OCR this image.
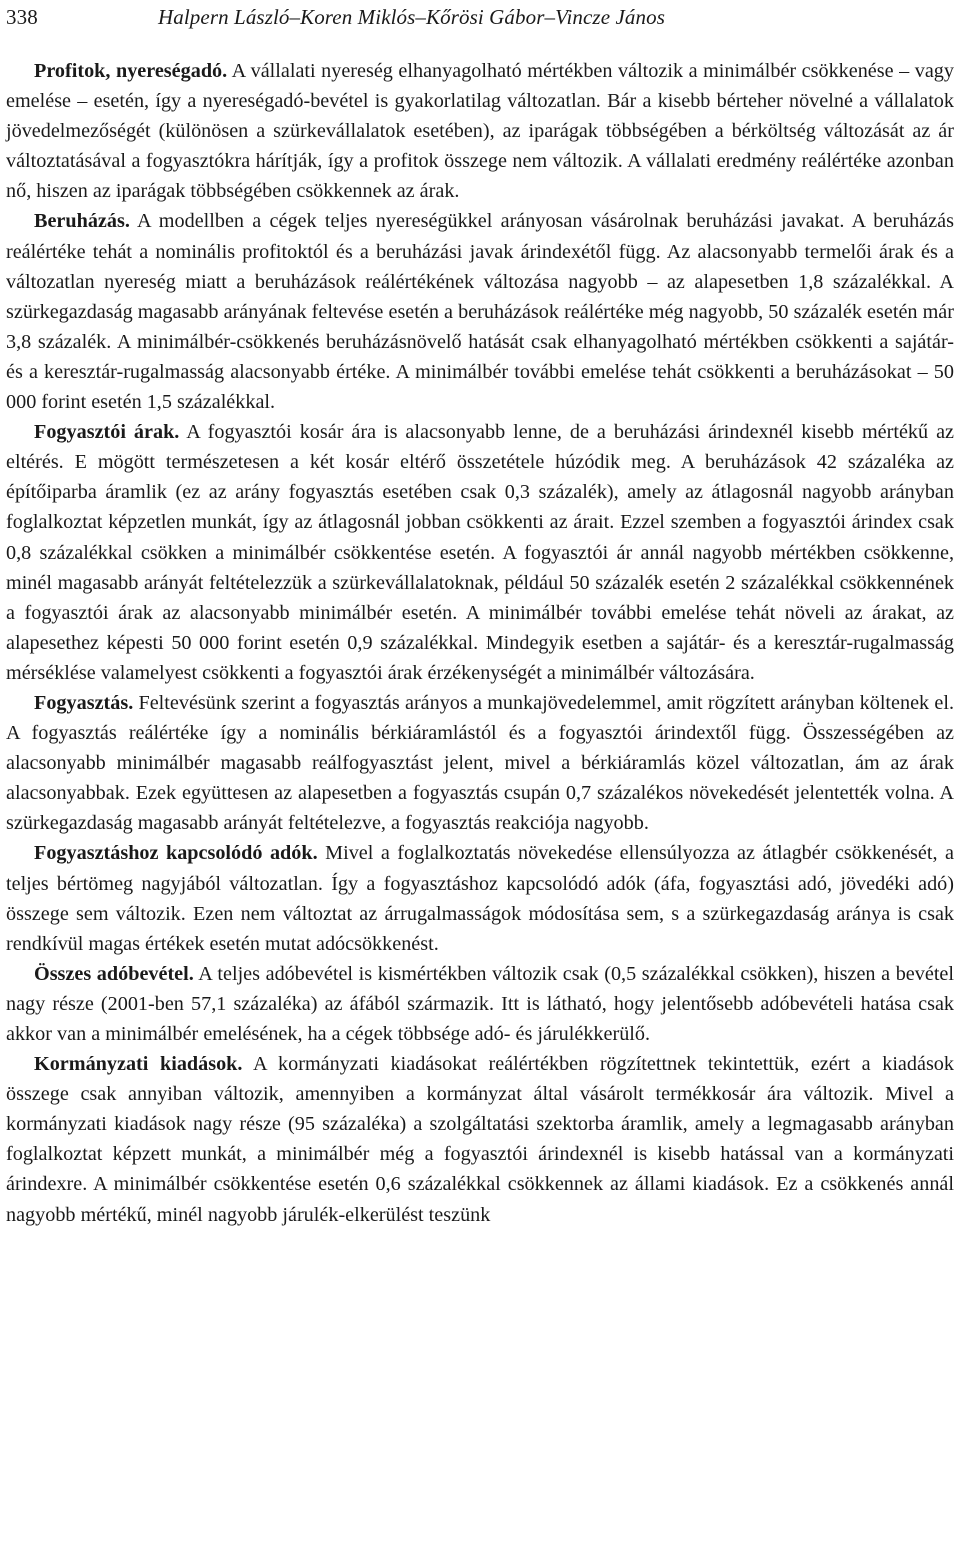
338	Halpern László–Koren Miklós–Kőrösi Gábor–Vincze János

Profitok, nyereségadó. A vállalati nyereség elhanyagolható mértékben változik a minimálbér csökkenése – vagy emelése – esetén, így a nyereségadó-bevétel is gyakorlatilag változatlan. Bár a kisebb bérteher növelné a vállalatok jövedelmezőségét (különösen a szürkevállalatok esetében), az iparágak többségében a bérköltség változását az ár változtatásával a fogyasztókra hárítják, így a profitok összege nem változik. A vállalati eredmény reálértéke azonban nő, hiszen az iparágak többségében csökkennek az árak.

Beruházás. A modellben a cégek teljes nyereségükkel arányosan vásárolnak beruházási javakat. A beruházás reálértéke tehát a nominális profitoktól és a beruházási javak árindexétől függ. Az alacsonyabb termelői árak és a változatlan nyereség miatt a beruházások reálértékének változása nagyobb – az alapesetben 1,8 százalékkal. A szürkegazdaság magasabb arányának feltevése esetén a beruházások reálértéke még nagyobb, 50 százalék esetén már 3,8 százalék. A minimálbér-csökkenés beruházásnövelő hatását csak elhanyagolható mértékben csökkenti a sajátár- és a keresztár-rugalmasság alacsonyabb értéke. A minimálbér további emelése tehát csökkenti a beruházásokat – 50 000 forint esetén 1,5 százalékkal.

Fogyasztói árak. A fogyasztói kosár ára is alacsonyabb lenne, de a beruházási árindexnél kisebb mértékű az eltérés. E mögött természetesen a két kosár eltérő összetétele húzódik meg. A beruházások 42 százaléka az építőiparba áramlik (ez az arány fogyasztás esetében csak 0,3 százalék), amely az átlagosnál nagyobb arányban foglalkoztat képzetlen munkát, így az átlagosnál jobban csökkenti az árait. Ezzel szemben a fogyasztói árindex csak 0,8 százalékkal csökken a minimálbér csökkentése esetén. A fogyasztói ár annál nagyobb mértékben csökkenne, minél magasabb arányát feltételezzük a szürkevállalatoknak, például 50 százalék esetén 2 százalékkal csökkennének a fogyasztói árak az alacsonyabb minimálbér esetén. A minimálbér további emelése tehát növeli az árakat, az alapesethez képesti 50 000 forint esetén 0,9 százalékkal. Mindegyik esetben a sajátár- és a keresztár-rugalmasság mérséklése valamelyest csökkenti a fogyasztói árak érzékenységét a minimálbér változására.

Fogyasztás. Feltevésünk szerint a fogyasztás arányos a munkajövedelemmel, amit rögzített arányban költenek el. A fogyasztás reálértéke így a nominális bérkiáramlástól és a fogyasztói árindextől függ. Összességében az alacsonyabb minimálbér magasabb reálfogyasztást jelent, mivel a bérkiáramlás közel változatlan, ám az árak alacsonyabbak. Ezek együttesen az alapesetben a fogyasztás csupán 0,7 százalékos növekedését jelentették volna. A szürkegazdaság magasabb arányát feltételezve, a fogyasztás reakciója nagyobb.

Fogyasztáshoz kapcsolódó adók. Mivel a foglalkoztatás növekedése ellensúlyozza az átlagbér csökkenését, a teljes bértömeg nagyjából változatlan. Így a fogyasztáshoz kapcsolódó adók (áfa, fogyasztási adó, jövedéki adó) összege sem változik. Ezen nem változtat az árrugalmasságok módosítása sem, s a szürkegazdaság aránya is csak rendkívül magas értékek esetén mutat adócsökkenést.

Összes adóbevétel. A teljes adóbevétel is kismértékben változik csak (0,5 százalékkal csökken), hiszen a bevétel nagy része (2001-ben 57,1 százaléka) az áfából származik. Itt is látható, hogy jelentősebb adóbevételi hatása csak akkor van a minimálbér emelésének, ha a cégek többsége adó- és járulékkerülő.

Kormányzati kiadások. A kormányzati kiadásokat reálértékben rögzítettnek tekintettük, ezért a kiadások összege csak annyiban változik, amennyiben a kormányzat által vásárolt termékkosár ára változik. Mivel a kormányzati kiadások nagy része (95 százaléka) a szolgáltatási szektorba áramlik, amely a legmagasabb arányban foglalkoztat képzett munkát, a minimálbér még a fogyasztói árindexnél is kisebb hatással van a kormányzati árindexre. A minimálbér csökkentése esetén 0,6 százalékkal csökkennek az állami kiadások. Ez a csökkenés annál nagyobb mértékű, minél nagyobb járulék-elkerülést teszünk
